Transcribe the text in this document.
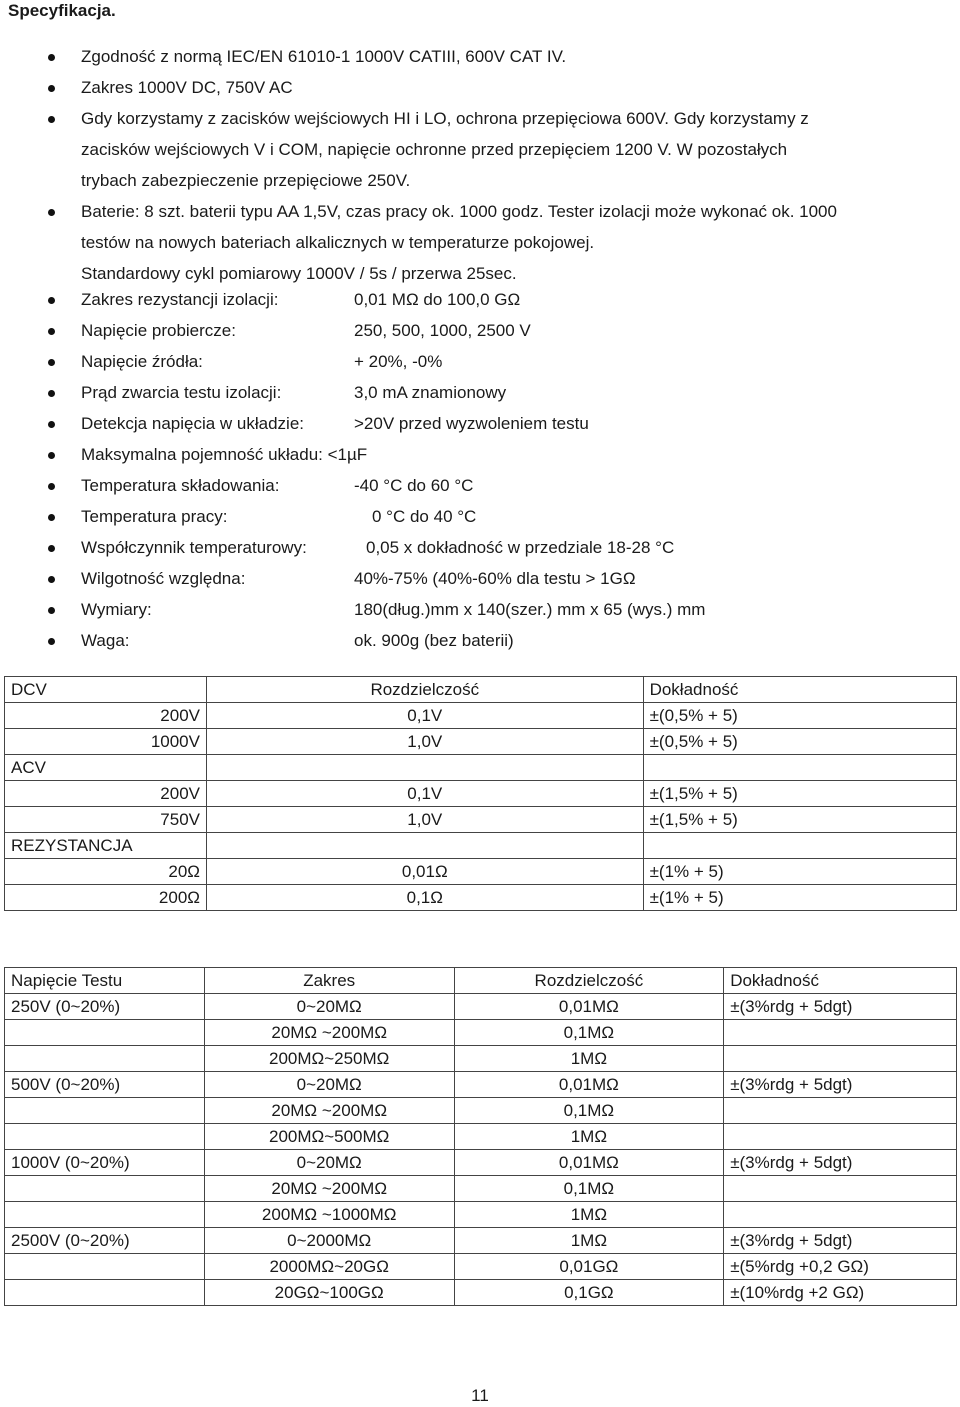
Specyfikacja.
Zgodność z normą IEC/EN 61010-1 1000V CATIII, 600V CAT IV.
Zakres 1000V DC, 750V AC
Gdy korzystamy z zacisków wejściowych HI i LO, ochrona przepięciowa 600V. Gdy korzystamy z
zacisków wejściowych V i COM, napięcie ochronne przed przepięciem 1200 V. W pozostałych
trybach zabezpieczenie przepięciowe 250V.
Baterie: 8 szt. baterii typu AA 1,5V, czas pracy ok. 1000 godz. Tester izolacji może wykonać ok. 1000
testów na nowych bateriach alkalicznych w temperaturze pokojowej.
Standardowy cykl pomiarowy 1000V / 5s / przerwa 25sec.
Zakres rezystancji izolacji:	0,01 MΩ do 100,0 GΩ
Napięcie probiercze:	250, 500, 1000, 2500 V
Napięcie źródła:	+ 20%, -0%
Prąd zwarcia testu izolacji:	3,0 mA znamionowy
Detekcja napięcia w układzie:	>20V przed wyzwoleniem testu
Maksymalna pojemność układu: <1µF
Temperatura składowania:	-40 °C do 60 °C
Temperatura pracy:	0 °C do 40 °C
Współczynnik temperaturowy:	0,05 x dokładność w przedziale 18-28 °C
Wilgotność względna:	40%-75% (40%-60% dla testu > 1GΩ
Wymiary:	180(dług.)mm x 140(szer.) mm x 65 (wys.) mm
Waga:	ok. 900g (bez baterii)
DCV		Rozdzielczość	Dokładność
	200V	0,1V	±(0,5% + 5)
	1000V	1,0V	±(0,5% + 5)
ACV			
	200V	0,1V	±(1,5% + 5)
	750V	1,0V	±(1,5% + 5)
REZYSTANCJA			
	20Ω	0,01Ω	±(1% + 5)
	200Ω	0,1Ω	±(1% + 5)
Napięcie Testu	Zakres	Rozdzielczość	Dokładność
250V (0~20%)	0~20MΩ	0,01MΩ	±(3%rdg + 5dgt)
	20MΩ ~200MΩ	0,1MΩ	
	200MΩ~250MΩ	1MΩ	
500V (0~20%)	0~20MΩ	0,01MΩ	±(3%rdg + 5dgt)
	20MΩ ~200MΩ	0,1MΩ	
	200MΩ~500MΩ	1MΩ	
1000V (0~20%)	0~20MΩ	0,01MΩ	±(3%rdg + 5dgt)
	20MΩ ~200MΩ	0,1MΩ	
	200MΩ ~1000MΩ	1MΩ	
2500V (0~20%)	0~2000MΩ	1MΩ	±(3%rdg + 5dgt)
	2000MΩ~20GΩ	0,01GΩ	±(5%rdg +0,2 GΩ)
	20GΩ~100GΩ	0,1GΩ	±(10%rdg +2 GΩ)
11
